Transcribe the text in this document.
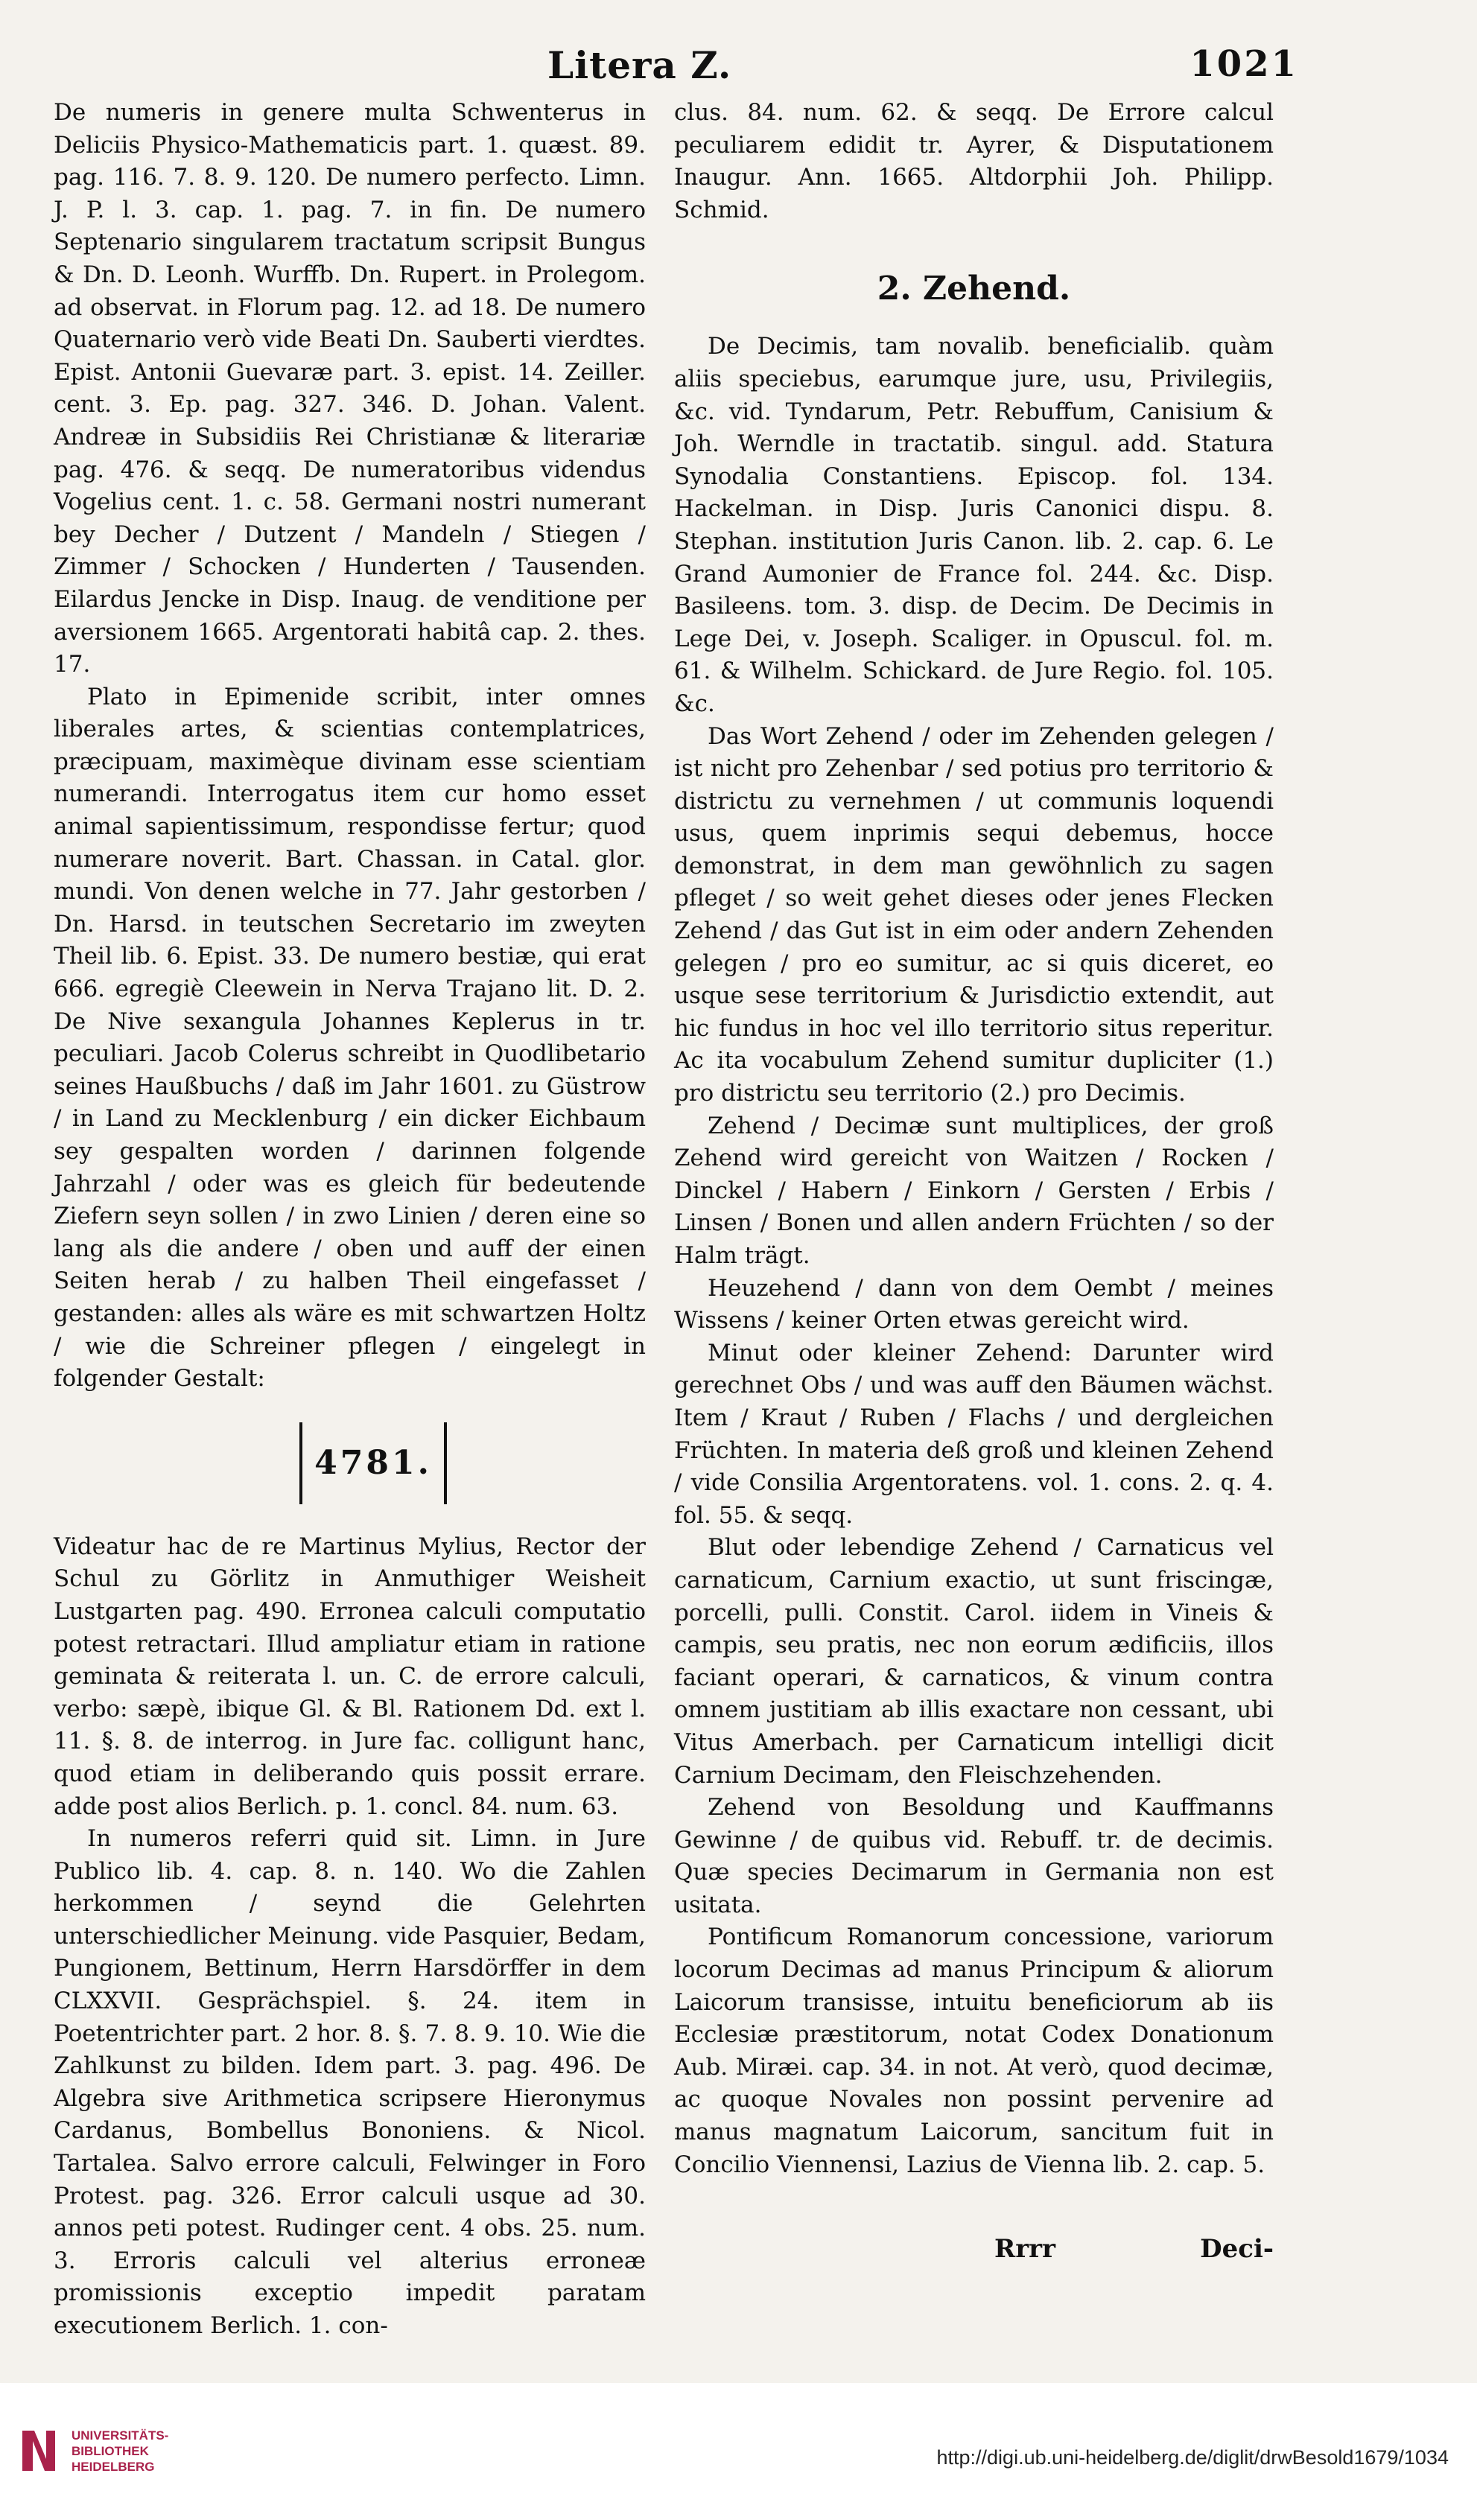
Litera Z.	1021

De numeris in genere multa Schwenterus in Deliciis Physico-Mathematicis part. 1. quæst. 89. pag. 116. 7. 8. 9. 120. De numero perfecto. Limn. J. P. l. 3. cap. 1. pag. 7. in fin. De numero Septenario singularem tractatum scripsit Bungus & Dn. D. Leonh. Wurffb. Dn. Rupert. in Prolegom. ad observat. in Florum pag. 12. ad 18. De numero Quaternario verò vide Beati Dn. Sauberti vierdtes. Epist. Antonii Guevaræ part. 3. epist. 14. Zeiller. cent. 3. Ep. pag. 327. 346. D. Johan. Valent. Andreæ in Subsidiis Rei Christianæ & literariæ pag. 476. & seqq. De numeratoribus videndus Vogelius cent. 1. c. 58. Germani nostri numerant bey Decher / Dutzent / Mandeln / Stiegen / Zimmer / Schocken / Hunderten / Tausenden. Eilardus Jencke in Disp. Inaug. de venditione per aversionem 1665. Argentorati habitâ cap. 2. thes. 17.

Plato in Epimenide scribit, inter omnes liberales artes, & scientias contemplatrices, præcipuam, maximèque divinam esse scientiam numerandi. Interrogatus item cur homo esset animal sapientissimum, respondisse fertur; quod numerare noverit. Bart. Chassan. in Catal. glor. mundi. Von denen welche in 77. Jahr gestorben / Dn. Harsd. in teutschen Secretario im zweyten Theil lib. 6. Epist. 33. De numero bestiæ, qui erat 666. egregiè Cleewein in Nerva Trajano lit. D. 2. De Nive sexangula Johannes Keplerus in tr. peculiari. Jacob Colerus schreibt in Quodlibetario seines Haußbuchs / daß im Jahr 1601. zu Güstrow / in Land zu Mecklenburg / ein dicker Eichbaum sey gespalten worden / darinnen folgende Jahrzahl / oder was es gleich für bedeutende Ziefern seyn sollen / in zwo Linien / deren eine so lang als die andere / oben und auff der einen Seiten herab / zu halben Theil eingefasset / gestanden: alles als wäre es mit schwartzen Holtz / wie die Schreiner pflegen / eingelegt in folgender Gestalt:

4781.

Videatur hac de re Martinus Mylius, Rector der Schul zu Görlitz in Anmuthiger Weisheit Lustgarten pag. 490. Erronea calculi computatio potest retractari. Illud ampliatur etiam in ratione geminata & reiterata l. un. C. de errore calculi, verbo: sæpè, ibique Gl. & Bl. Rationem Dd. ext l. 11. §. 8. de interrog. in Jure fac. colligunt hanc, quod etiam in deliberando quis possit errare. adde post alios Berlich. p. 1. concl. 84. num. 63.

In numeros referri quid sit. Limn. in Jure Publico lib. 4. cap. 8. n. 140. Wo die Zahlen herkommen / seynd die Gelehrten unterschiedlicher Meinung. vide Pasquier, Bedam, Pungionem, Bettinum, Herrn Harsdörffer in dem CLXXVII. Gesprächspiel. §. 24. item in Poetentrichter part. 2 hor. 8. §. 7. 8. 9. 10. Wie die Zahlkunst zu bilden. Idem part. 3. pag. 496. De Algebra sive Arithmetica scripsere Hieronymus Cardanus, Bombellus Bononiens. & Nicol. Tartalea. Salvo errore calculi, Felwinger in Foro Protest. pag. 326. Error calculi usque ad 30. annos peti potest. Rudinger cent. 4 obs. 25. num. 3. Erroris calculi vel alterius erroneæ promissionis exceptio impedit paratam executionem Berlich. 1. con-

clus. 84. num. 62. & seqq. De Errore calcul peculiarem edidit tr. Ayrer, & Disputationem Inaugur. Ann. 1665. Altdorphii Joh. Philipp. Schmid.

2. Zehend.

De Decimis, tam novalib. beneficialib. quàm aliis speciebus, earumque jure, usu, Privilegiis, &c. vid. Tyndarum, Petr. Rebuffum, Canisium & Joh. Werndle in tractatib. singul. add. Statura Synodalia Constantiens. Episcop. fol. 134. Hackelman. in Disp. Juris Canonici dispu. 8. Stephan. institution Juris Canon. lib. 2. cap. 6. Le Grand Aumonier de France fol. 244. &c. Disp. Basileens. tom. 3. disp. de Decim. De Decimis in Lege Dei, v. Joseph. Scaliger. in Opuscul. fol. m. 61. & Wilhelm. Schickard. de Jure Regio. fol. 105. &c.

Das Wort Zehend / oder im Zehenden gelegen / ist nicht pro Zehenbar / sed potius pro territorio & districtu zu vernehmen / ut communis loquendi usus, quem inprimis sequi debemus, hocce demonstrat, in dem man gewöhnlich zu sagen pfleget / so weit gehet dieses oder jenes Flecken Zehend / das Gut ist in eim oder andern Zehenden gelegen / pro eo sumitur, ac si quis diceret, eo usque sese territorium & Jurisdictio extendit, aut hic fundus in hoc vel illo territorio situs reperitur. Ac ita vocabulum Zehend sumitur dupliciter (1.) pro districtu seu territorio (2.) pro Decimis.

Zehend / Decimæ sunt multiplices, der groß Zehend wird gereicht von Waitzen / Rocken / Dinckel / Habern / Einkorn / Gersten / Erbis / Linsen / Bonen und allen andern Früchten / so der Halm trägt.

Heuzehend / dann von dem Oembt / meines Wissens / keiner Orten etwas gereicht wird.

Minut oder kleiner Zehend: Darunter wird gerechnet Obs / und was auff den Bäumen wächst. Item / Kraut / Ruben / Flachs / und dergleichen Früchten. In materia deß groß und kleinen Zehend / vide Consilia Argentoratens. vol. 1. cons. 2. q. 4. fol. 55. & seqq.

Blut oder lebendige Zehend / Carnaticus vel carnaticum, Carnium exactio, ut sunt friscingæ, porcelli, pulli. Constit. Carol. iidem in Vineis & campis, seu pratis, nec non eorum ædificiis, illos faciant operari, & carnaticos, & vinum contra omnem justitiam ab illis exactare non cessant, ubi Vitus Amerbach. per Carnaticum intelligi dicit Carnium Decimam, den Fleischzehenden.

Zehend von Besoldung und Kauffmanns Gewinne / de quibus vid. Rebuff. tr. de decimis. Quæ species Decimarum in Germania non est usitata.

Pontificum Romanorum concessione, variorum locorum Decimas ad manus Principum & aliorum Laicorum transisse, intuitu beneficiorum ab iis Ecclesiæ præstitorum, notat Codex Donationum Aub. Miræi. cap. 34. in not. At verò, quod decimæ, ac quoque Novales non possint pervenire ad manus magnatum Laicorum, sancitum fuit in Concilio Viennensi, Lazius de Vienna lib. 2. cap. 5.

Rrrr	Deci-
UNIVERSITÄTS-
BIBLIOTHEK
HEIDELBERG	http://digi.ub.uni-heidelberg.de/diglit/drwBesold1679/1034
